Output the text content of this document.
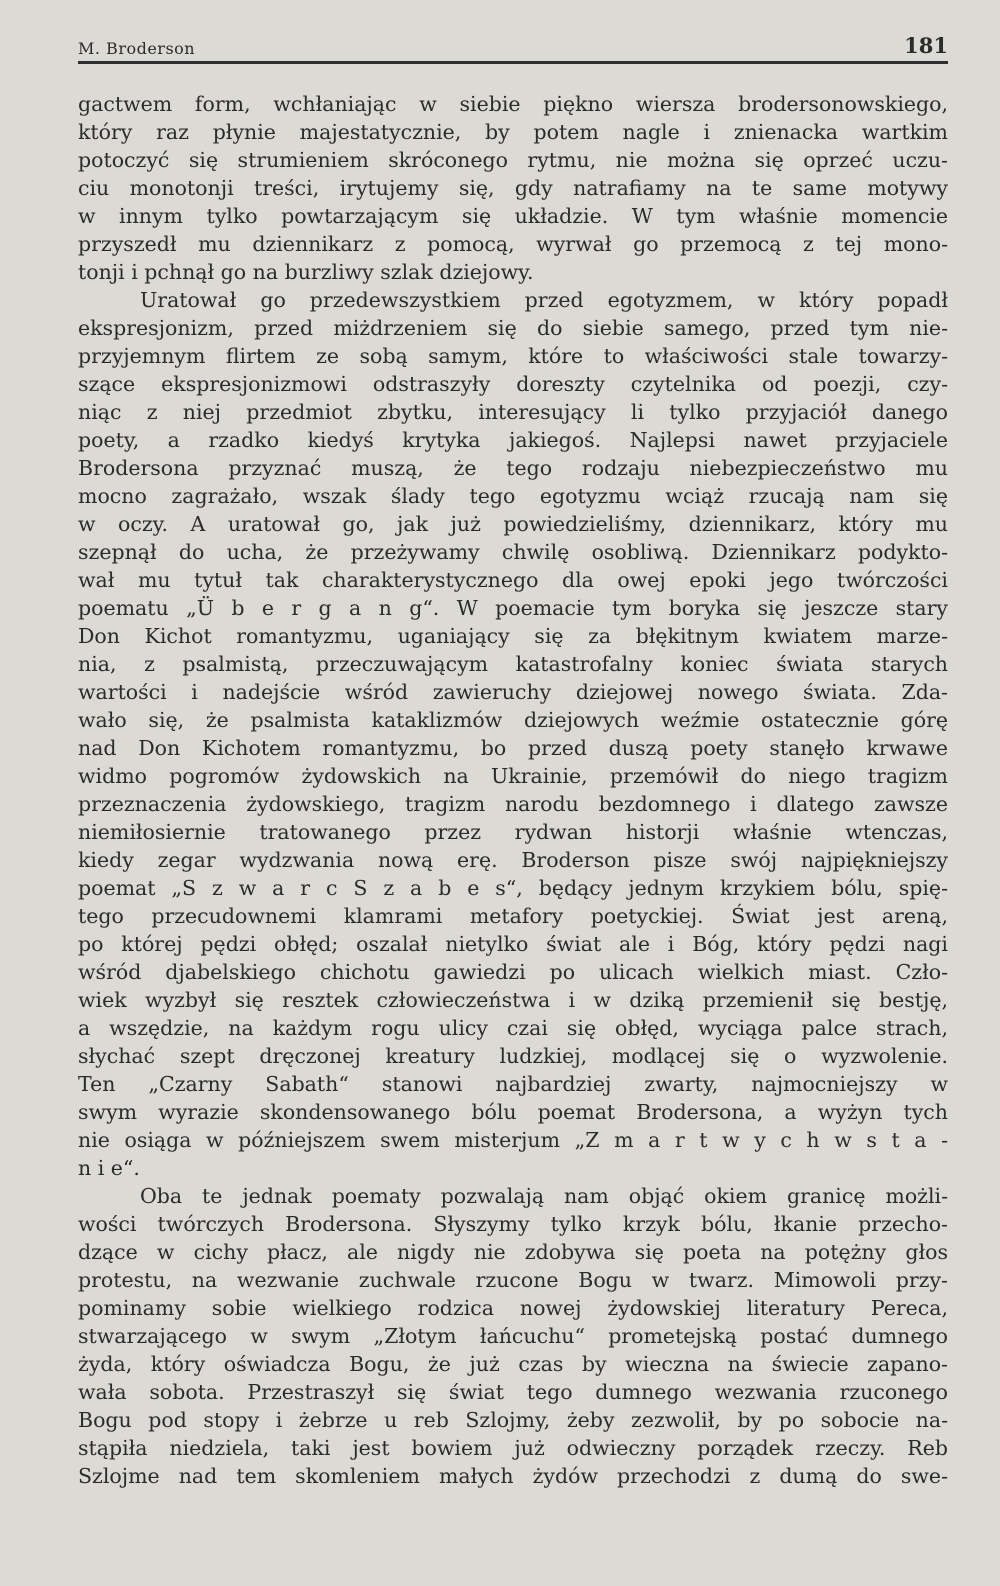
M. Broderson	181
gactwem form, wchłaniając w siebie piękno wiersza brodersonowskiego,
który raz płynie majestatycznie, by potem nagle i znienacka wartkim
potoczyć się strumieniem skróconego rytmu, nie można się oprzeć uczu-
ciu monotonji treści, irytujemy się, gdy natrafiamy na te same motywy
w innym tylko powtarzającym się układzie. W tym właśnie momencie
przyszedł mu dziennikarz z pomocą, wyrwał go przemocą z tej mono-
tonji i pchnął go na burzliwy szlak dziejowy.
Uratował go przedewszystkiem przed egotyzmem, w który popadł
ekspresjonizm, przed miżdrzeniem się do siebie samego, przed tym nie-
przyjemnym flirtem ze sobą samym, które to właściwości stale towarzy-
szące ekspresjonizmowi odstraszyły doreszty czytelnika od poezji, czy-
niąc z niej przedmiot zbytku, interesujący li tylko przyjaciół danego
poety, a rzadko kiedyś krytyka jakiegoś. Najlepsi nawet przyjaciele
Brodersona przyznać muszą, że tego rodzaju niebezpieczeństwo mu
mocno zagrażało, wszak ślady tego egotyzmu wciąż rzucają nam się
w oczy. A uratował go, jak już powiedzieliśmy, dziennikarz, który mu
szepnął do ucha, że przeżywamy chwilę osobliwą. Dziennikarz podykto-
wał mu tytuł tak charakterystycznego dla owej epoki jego twórczości
poematu „Ü b e r g a n g“. W poemacie tym boryka się jeszcze stary
Don Kichot romantyzmu, uganiający się za błękitnym kwiatem marze-
nia, z psalmistą, przeczuwającym katastrofalny koniec świata starych
wartości i nadejście wśród zawieruchy dziejowej nowego świata. Zda-
wało się, że psalmista kataklizmów dziejowych weźmie ostatecznie górę
nad Don Kichotem romantyzmu, bo przed duszą poety stanęło krwawe
widmo pogromów żydowskich na Ukrainie, przemówił do niego tragizm
przeznaczenia żydowskiego, tragizm narodu bezdomnego i dlatego zawsze
niemiłosiernie tratowanego przez rydwan historji właśnie wtenczas,
kiedy zegar wydzwania nową erę. Broderson pisze swój najpiękniejszy
poemat „S z w a r c S z a b e s“, będący jednym krzykiem bólu, spię-
tego przecudownemi klamrami metafory poetyckiej. Świat jest areną,
po której pędzi obłęd; oszalał nietylko świat ale i Bóg, który pędzi nagi
wśród djabelskiego chichotu gawiedzi po ulicach wielkich miast. Czło-
wiek wyzbył się resztek człowieczeństwa i w dziką przemienił się bestję,
a wszędzie, na każdym rogu ulicy czai się obłęd, wyciąga palce strach,
słychać szept dręczonej kreatury ludzkiej, modlącej się o wyzwolenie.
Ten „Czarny Sabath“ stanowi najbardziej zwarty, najmocniejszy w
swym wyrazie skondensowanego bólu poemat Brodersona, a wyżyn tych
nie osiąga w późniejszem swem misterjum „Z m a r t w y c h w s t a -
n i e“.
Oba te jednak poematy pozwalają nam objąć okiem granicę możli-
wości twórczych Brodersona. Słyszymy tylko krzyk bólu, łkanie przecho-
dzące w cichy płacz, ale nigdy nie zdobywa się poeta na potężny głos
protestu, na wezwanie zuchwale rzucone Bogu w twarz. Mimowoli przy-
pominamy sobie wielkiego rodzica nowej żydowskiej literatury Pereca,
stwarzającego w swym „Złotym łańcuchu“ prometejską postać dumnego
żyda, który oświadcza Bogu, że już czas by wieczna na świecie zapano-
wała sobota. Przestraszył się świat tego dumnego wezwania rzuconego
Bogu pod stopy i żebrze u reb Szlojmy, żeby zezwolił, by po sobocie na-
stąpiła niedziela, taki jest bowiem już odwieczny porządek rzeczy. Reb
Szlojme nad tem skomleniem małych żydów przechodzi z dumą do swe-
